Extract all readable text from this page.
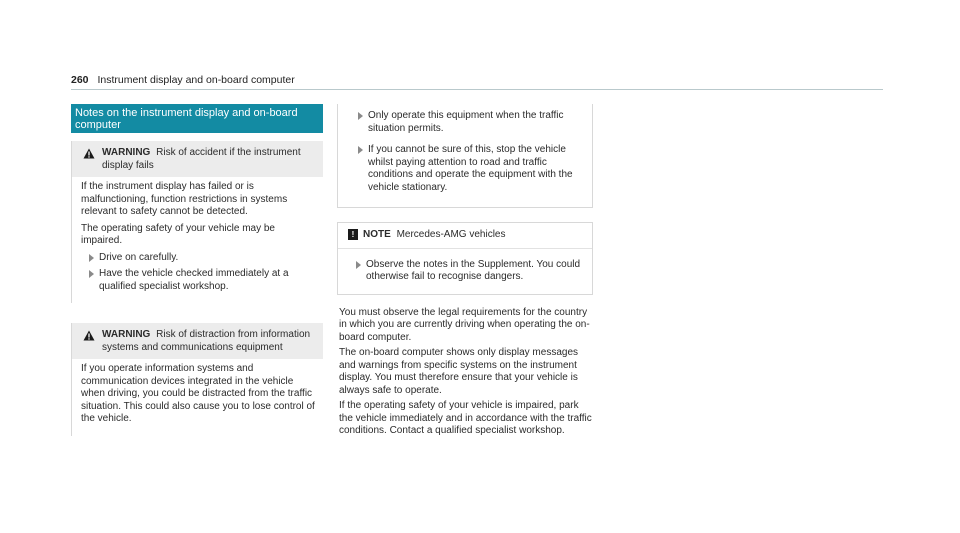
260 Instrument display and on-board computer
Notes on the instrument display and on-board computer
WARNING Risk of accident if the instrument display fails

If the instrument display has failed or is malfunctioning, function restrictions in systems relevant to safety cannot be detected.

The operating safety of your vehicle may be impaired.

Drive on carefully.
Have the vehicle checked immediately at a qualified specialist workshop.
WARNING Risk of distraction from information systems and communications equipment

If you operate information systems and communication devices integrated in the vehicle when driving, you could be distracted from the traffic situation. This could also cause you to lose control of the vehicle.

Only operate this equipment when the traffic situation permits.
If you cannot be sure of this, stop the vehicle whilst paying attention to road and traffic conditions and operate the equipment with the vehicle stationary.
! NOTE Mercedes-AMG vehicles
Observe the notes in the Supplement. You could otherwise fail to recognise dangers.

You must observe the legal requirements for the country in which you are currently driving when operating the on-board computer.

The on-board computer shows only display messages and warnings from specific systems on the instrument display. You must therefore ensure that your vehicle is always safe to operate.

If the operating safety of your vehicle is impaired, park the vehicle immediately and in accordance with the traffic conditions. Contact a qualified specialist workshop.
